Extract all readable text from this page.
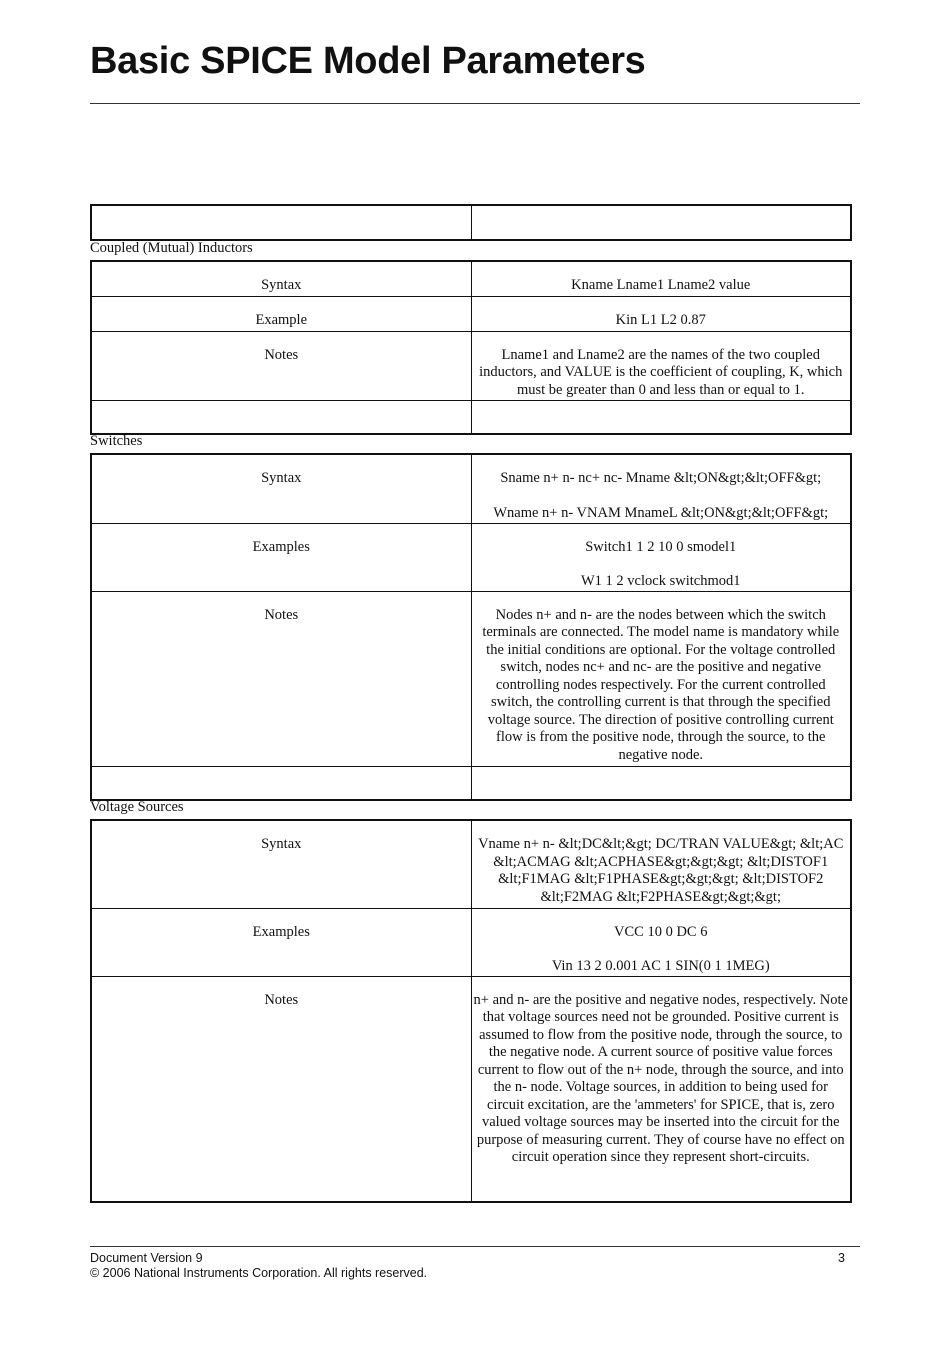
Basic SPICE Model Parameters

Coupled (Mutual) Inductors
Syntax	Kname Lname1 Lname2 value
Example	Kin L1 L2 0.87
Notes	Lname1 and Lname2 are the names of the two coupled inductors, and VALUE is the coefficient of coupling, K, which must be greater than 0 and less than or equal to 1.

Switches
Syntax	Sname n+ n- nc+ nc- Mname &lt;ON&gt;&lt;OFF&gt;
Wname n+ n- VNAM MnameL &lt;ON&gt;&lt;OFF&gt;

Examples	Switch1 1 2 10 0 smodel1
W1 1 2 vclock switchmod1

Notes	Nodes n+ and n- are the nodes between which the switch terminals are connected. The model name is mandatory while the initial conditions are optional. For the voltage controlled switch, nodes nc+ and nc- are the positive and negative controlling nodes respectively. For the current controlled switch, the controlling current is that through the specified voltage source. The direction of positive controlling current flow is from the positive node, through the source, to the negative node.

Voltage Sources
Syntax	Vname n+ n- &lt;DC&lt;&gt; DC/TRAN VALUE&gt; &lt;AC &lt;ACMAG &lt;ACPHASE&gt;&gt;&gt; &lt;DISTOF1 &lt;F1MAG &lt;F1PHASE&gt;&gt;&gt; &lt;DISTOF2 &lt;F2MAG &lt;F2PHASE&gt;&gt;&gt;
Examples	VCC 10 0 DC 6
Vin 13 2 0.001 AC 1 SIN(0 1 1MEG)

Notes	n+ and n- are the positive and negative nodes, respectively. Note that voltage sources need not be grounded. Positive current is assumed to flow from the positive node, through the source, to the negative node. A current source of positive value forces current to flow out of the n+ node, through the source, and into the n- node. Voltage sources, in addition to being used for circuit excitation, are the 'ammeters' for SPICE, that is, zero valued voltage sources may be inserted into the circuit for the purpose of measuring current. They of course have no effect on circuit operation since they represent short-circuits.
Document Version 9
© 2006 National Instruments Corporation. All rights reserved.
3
